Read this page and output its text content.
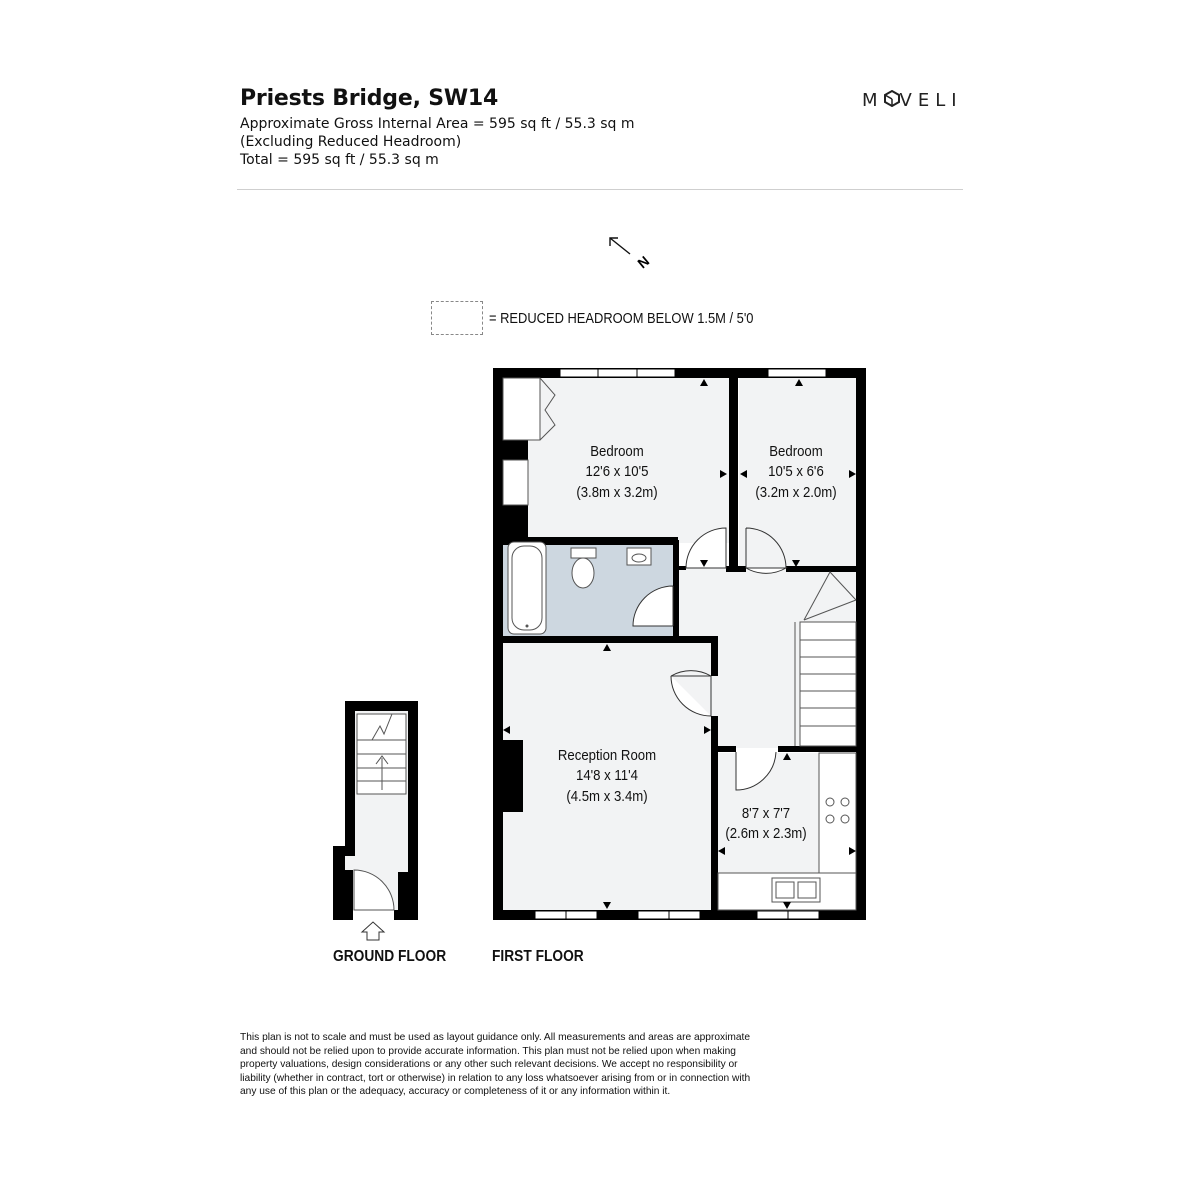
Priests Bridge, SW14
Approximate Gross Internal Area = 595 sq ft / 55.3 sq m
(Excluding Reduced Headroom)
Total = 595 sq ft / 55.3 sq m
M VELI
N
= REDUCED HEADROOM BELOW 1.5M / 5'0
Bedroom
12'6 x 10'5
(3.8m x 3.2m)
Bedroom
10'5 x 6'6
(3.2m x 2.0m)
Reception Room
14'8 x 11'4
(4.5m x 3.4m)
8'7 x 7'7
(2.6m x 2.3m)
GROUND FLOOR	FIRST FLOOR
This plan is not to scale and must be used as layout guidance only. All measurements and areas are approximate
and should not be relied upon to provide accurate information. This plan must not be relied upon when making
property valuations, design considerations or any other such relevant decisions. We accept no responsibility or
liability (whether in contract, tort or otherwise) in relation to any loss whatsoever arising from or in connection with
any use of this plan or the adequacy, accuracy or completeness of it or any information within it.
